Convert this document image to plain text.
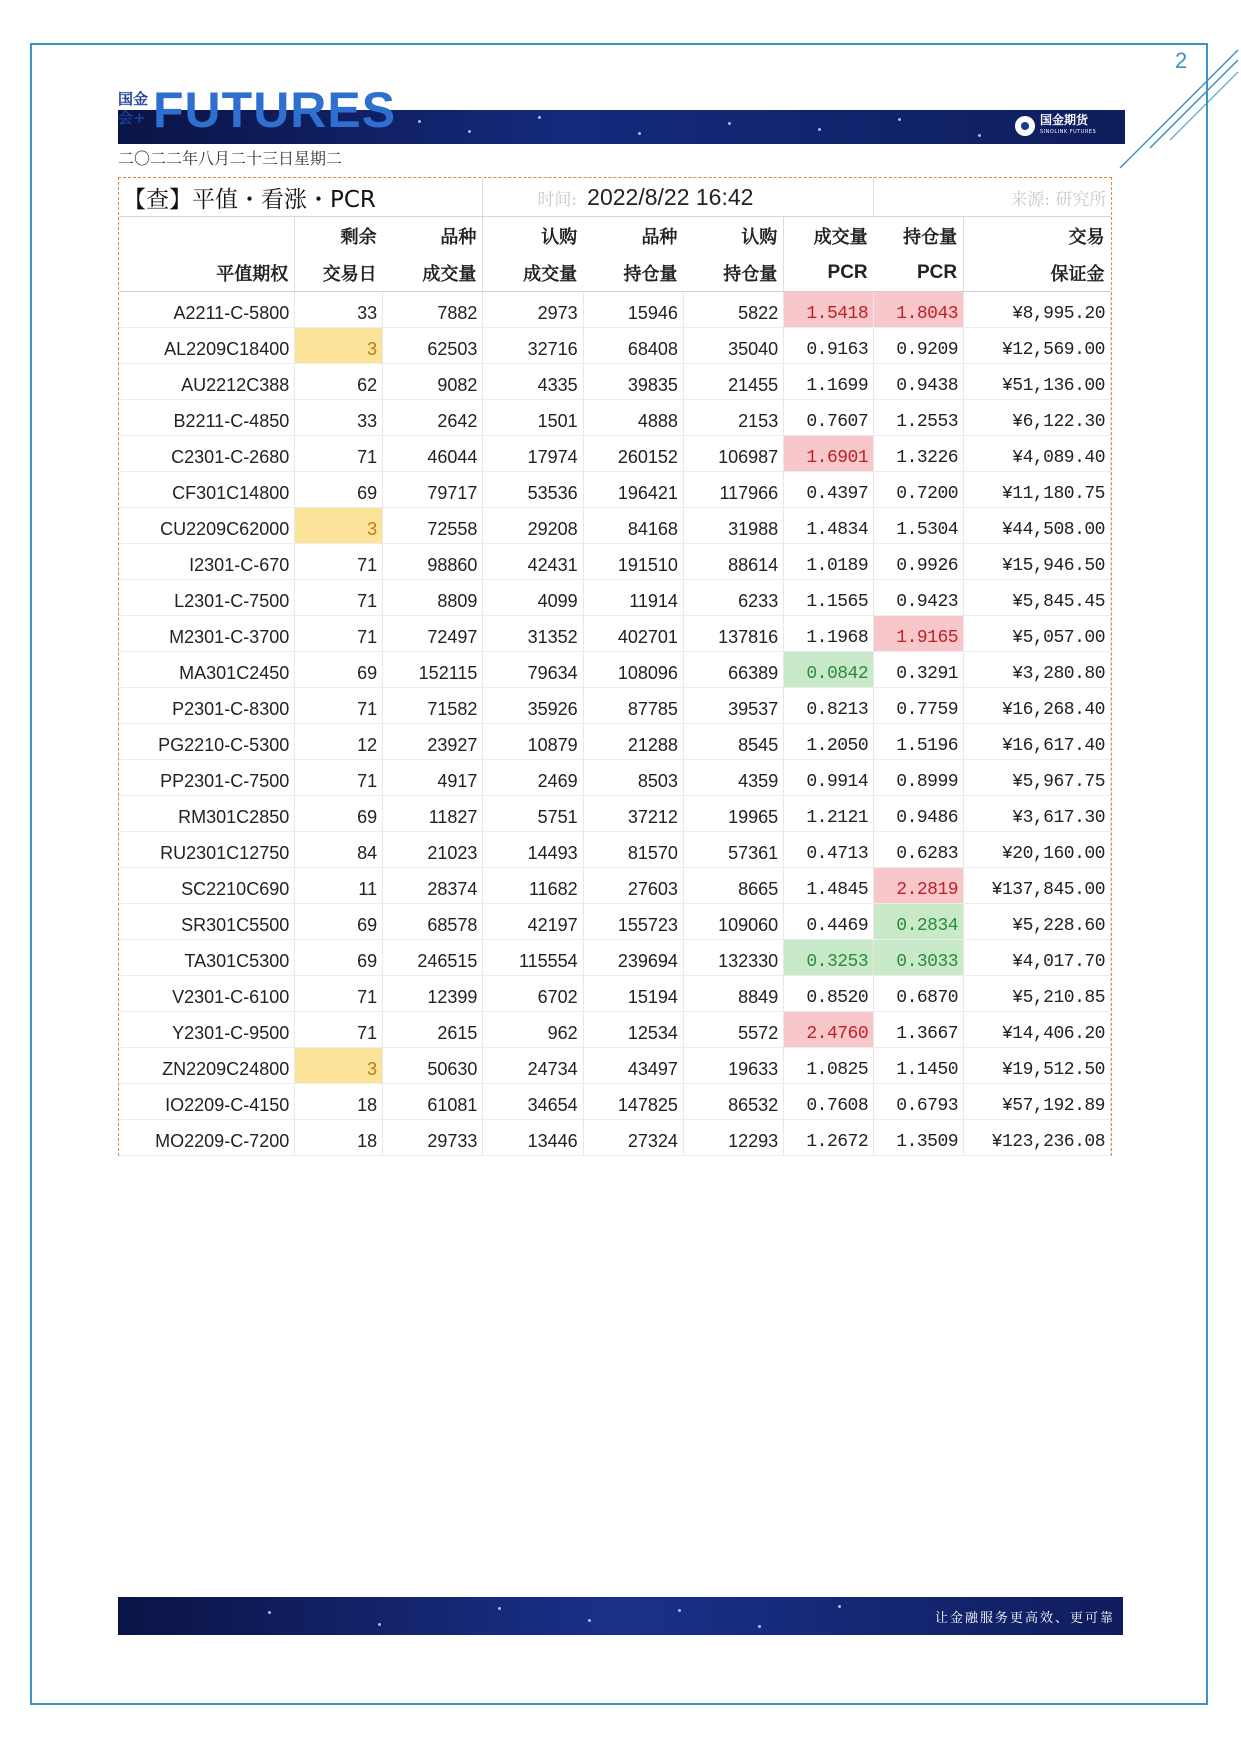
2
国金会+ FUTURES	国金期货
SINOLINK FUTURES
二〇二二年八月二十三日星期二
【查】平值・看涨・PCR			时间:	2022/8/22 16:42			来源: 研究所	
	剩余	品种	认购	品种	认购	成交量	持仓量	交易
平值期权	交易日	成交量	成交量	持仓量	持仓量	PCR	PCR	保证金
A2211-C-5800	33	7882	2973	15946	5822	1.5418	1.8043	¥8,995.20
AL2209C18400	3	62503	32716	68408	35040	0.9163	0.9209	¥12,569.00
AU2212C388	62	9082	4335	39835	21455	1.1699	0.9438	¥51,136.00
B2211-C-4850	33	2642	1501	4888	2153	0.7607	1.2553	¥6,122.30
C2301-C-2680	71	46044	17974	260152	106987	1.6901	1.3226	¥4,089.40
CF301C14800	69	79717	53536	196421	117966	0.4397	0.7200	¥11,180.75
CU2209C62000	3	72558	29208	84168	31988	1.4834	1.5304	¥44,508.00
I2301-C-670	71	98860	42431	191510	88614	1.0189	0.9926	¥15,946.50
L2301-C-7500	71	8809	4099	11914	6233	1.1565	0.9423	¥5,845.45
M2301-C-3700	71	72497	31352	402701	137816	1.1968	1.9165	¥5,057.00
MA301C2450	69	152115	79634	108096	66389	0.0842	0.3291	¥3,280.80
P2301-C-8300	71	71582	35926	87785	39537	0.8213	0.7759	¥16,268.40
PG2210-C-5300	12	23927	10879	21288	8545	1.2050	1.5196	¥16,617.40
PP2301-C-7500	71	4917	2469	8503	4359	0.9914	0.8999	¥5,967.75
RM301C2850	69	11827	5751	37212	19965	1.2121	0.9486	¥3,617.30
RU2301C12750	84	21023	14493	81570	57361	0.4713	0.6283	¥20,160.00
SC2210C690	11	28374	11682	27603	8665	1.4845	2.2819	¥137,845.00
SR301C5500	69	68578	42197	155723	109060	0.4469	0.2834	¥5,228.60
TA301C5300	69	246515	115554	239694	132330	0.3253	0.3033	¥4,017.70
V2301-C-6100	71	12399	6702	15194	8849	0.8520	0.6870	¥5,210.85
Y2301-C-9500	71	2615	962	12534	5572	2.4760	1.3667	¥14,406.20
ZN2209C24800	3	50630	24734	43497	19633	1.0825	1.1450	¥19,512.50
IO2209-C-4150	18	61081	34654	147825	86532	0.7608	0.6793	¥57,192.89
MO2209-C-7200	18	29733	13446	27324	12293	1.2672	1.3509	¥123,236.08
让金融服务更高效、更可靠
